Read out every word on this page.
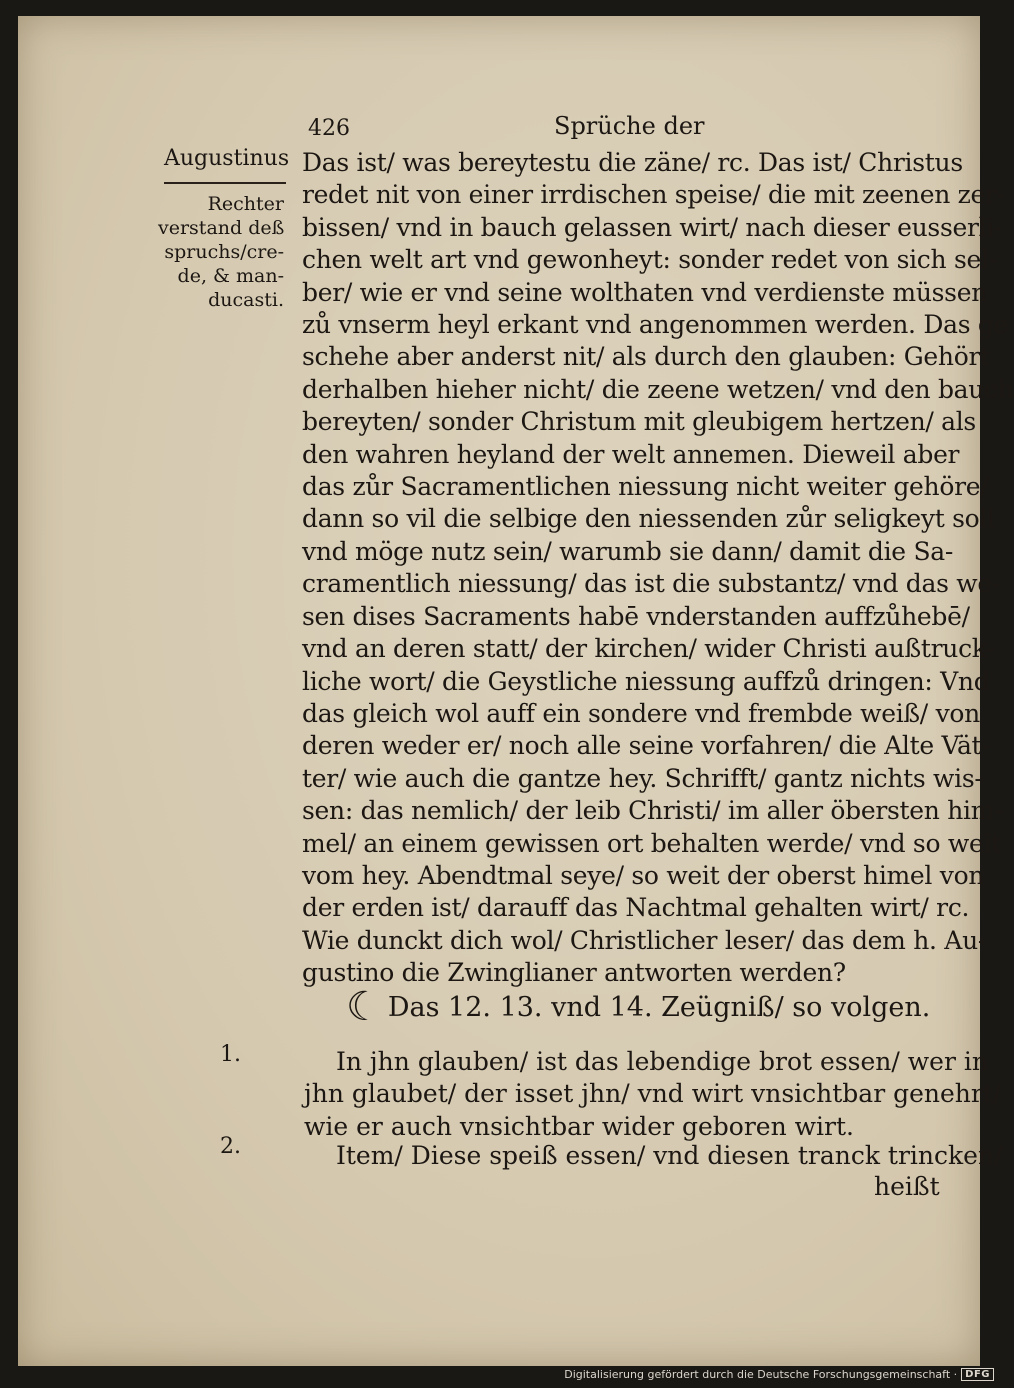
426	Sprüche der
Augustinus
Rechter
verstand deß
spruchs/cre-
de, & man-
ducasti.
Das ist/ was bereytestu die zäne/ rc. Das ist/ Christus
redet nit von einer irrdischen speise/ die mit zeenen zer-
bissen/ vnd in bauch gelassen wirt/ nach dieser eusserli-
chen welt art vnd gewonheyt: sonder redet von sich sel-
ber/ wie er vnd seine wolthaten vnd verdienste müssen
zů vnserm heyl erkant vnd angenommen werden. Das ge
schehe aber anderst nit/ als durch den glauben: Gehört
derhalben hieher nicht/ die zeene wetzen/ vnd den bauch
bereyten/ sonder Christum mit gleubigem hertzen/ als
den wahren heyland der welt annemen. Dieweil aber
das zůr Sacramentlichen niessung nicht weiter gehöre/
dann so vil die selbige den niessenden zůr seligkeyt soll
vnd möge nutz sein/ warumb sie dann/ damit die Sa-
cramentlich niessung/ das ist die substantz/ vnd das we-
sen dises Sacraments habē vnderstanden auffzůhebē/
vnd an deren statt/ der kirchen/ wider Christi außtruck-
liche wort/ die Geystliche niessung auffzů dringen: Vnd
das gleich wol auff ein sondere vnd frembde weiß/ von
deren weder er/ noch alle seine vorfahren/ die Alte Vät-
ter/ wie auch die gantze hey. Schrifft/ gantz nichts wis-
sen: das nemlich/ der leib Christi/ im aller öbersten him-
mel/ an einem gewissen ort behalten werde/ vnd so weit
vom hey. Abendtmal seye/ so weit der oberst himel von
der erden ist/ darauff das Nachtmal gehalten wirt/ rc.
Wie dunckt dich wol/ Christlicher leser/ das dem h. Au-
gustino die Zwinglianer antworten werden?
☾ Das 12. 13. vnd 14. Zeügniß/ so volgen.
1.	In jhn glauben/ ist das lebendige brot essen/ wer in
jhn glaubet/ der isset jhn/ vnd wirt vnsichtbar genehrt/
wie er auch vnsichtbar wider geboren wirt.
2.	Item/ Diese speiß essen/ vnd diesen tranck trincken/
heißt
Digitalisierung gefördert durch die Deutsche Forschungsgemeinschaft · DFG
